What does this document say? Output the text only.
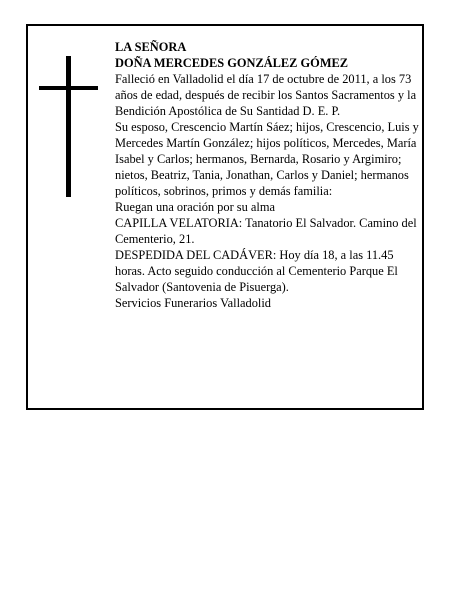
LA SEÑORA

DOÑA MERCEDES GONZÁLEZ GÓMEZ

Falleció en Valladolid el día 17 de octubre de 2011, a los 73 años de edad, después de recibir los Santos Sacramentos y la Bendición Apostólica de Su Santidad D. E. P.

Su esposo, Crescencio Martín Sáez; hijos, Crescencio, Luis y Mercedes Martín González; hijos políticos, Mercedes, María Isabel y Carlos; hermanos, Bernarda, Rosario y Argimiro; nietos, Beatriz, Tania, Jonathan, Carlos y Daniel; hermanos políticos, sobrinos, primos y demás familia:

Ruegan una oración por su alma

CAPILLA VELATORIA: Tanatorio El Salvador. Camino del Cementerio, 21.

DESPEDIDA DEL CADÁVER: Hoy día 18, a las 11.45 horas. Acto seguido conducción al Cementerio Parque El Salvador (Santovenia de Pisuerga).

Servicios Funerarios Valladolid
